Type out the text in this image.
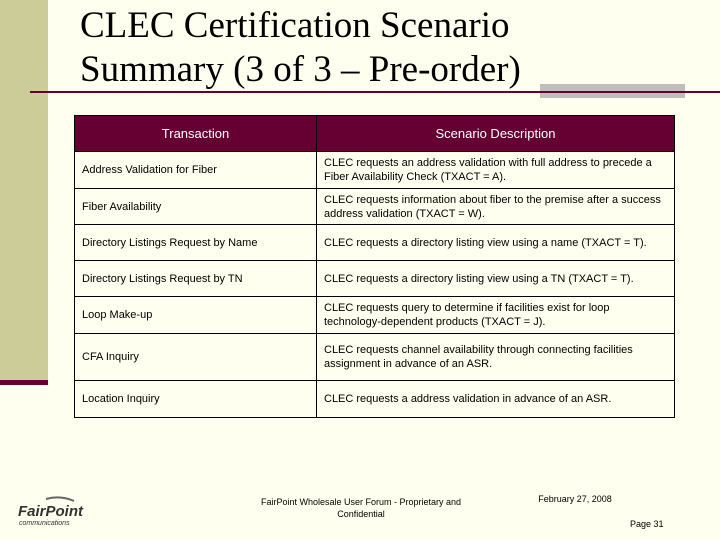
CLEC Certification Scenario
Summary (3 of 3 – Pre-order)
Transaction	Scenario Description
Address Validation for Fiber	CLEC requests an address validation with full address to precede a Fiber Availability Check (TXACT = A).
Fiber Availability	CLEC requests information about fiber to the premise after a success address validation (TXACT = W).
Directory Listings Request by Name	CLEC requests a directory listing view using a name (TXACT = T).
Directory Listings Request by TN	CLEC requests a directory listing view using a TN (TXACT = T).
Loop Make-up	CLEC requests query to determine if facilities exist for loop technology-dependent products (TXACT = J).
CFA Inquiry	CLEC requests channel availability through connecting facilities assignment in advance of an ASR.
Location Inquiry	CLEC requests a address validation in advance of an ASR.
FairPoint
communications
FairPoint Wholesale User Forum - Proprietary and Confidential
February 27, 2008
Page 31
